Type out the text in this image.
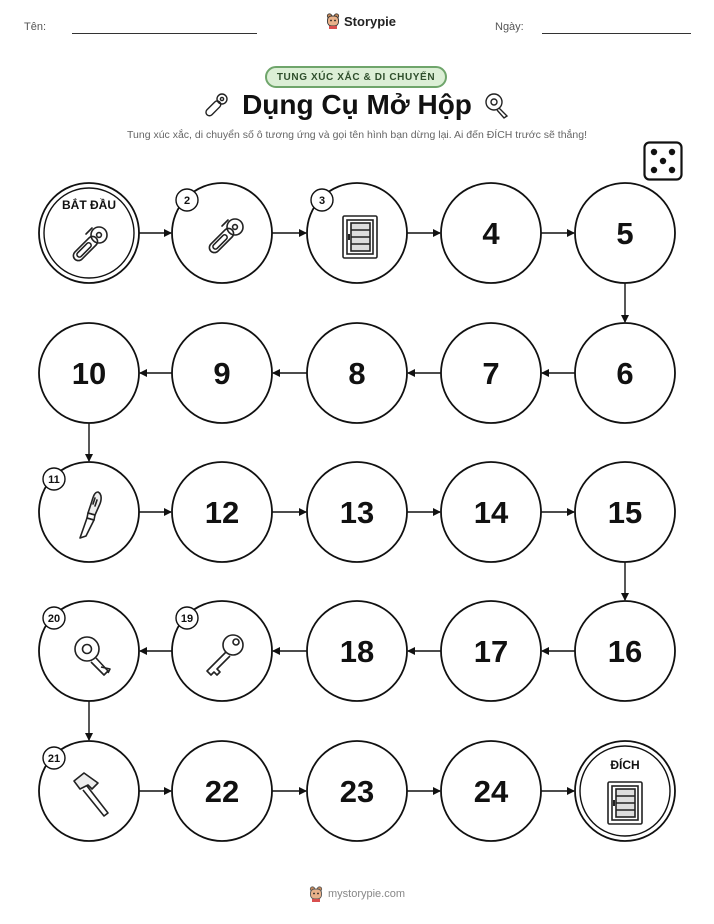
Tên:	Ngày:
Storypie
TUNG XÚC XẮC & DI CHUYỂN
Dụng Cụ Mở Hộp
Tung xúc xắc, di chuyển số ô tương ứng và gọi tên hình bạn dừng lại. Ai đến ĐÍCH trước sẽ thắng!
BẮT ĐẦU	2	3
4	5
6
7
8
9
10
11
12	13	14	15
16
17
18
19
20
21
22	23	24
ĐÍCH
mystorypie.com
